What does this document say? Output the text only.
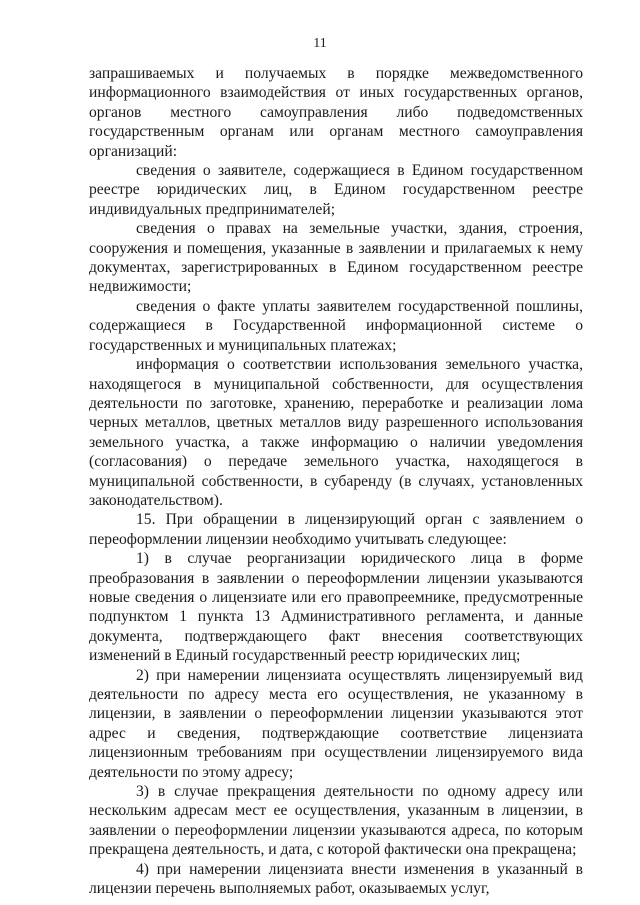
11

запрашиваемых и получаемых в порядке межведомственного информационного взаимодействия от иных государственных органов, органов местного самоуправления либо подведомственных государственным органам или органам местного самоуправления организаций:

сведения о заявителе, содержащиеся в Едином государственном реестре юридических лиц, в Едином государственном реестре индивидуальных предпринимателей;

сведения о правах на земельные участки, здания, строения, сооружения и помещения, указанные в заявлении и прилагаемых к нему документах, зарегистрированных в Едином государственном реестре недвижимости;

сведения о факте уплаты заявителем государственной пошлины, содержащиеся в Государственной информационной системе о государственных и муниципальных платежах;

информация о соответствии использования земельного участка, находящегося в муниципальной собственности, для осуществления деятельности по заготовке, хранению, переработке и реализации лома черных металлов, цветных металлов виду разрешенного использования земельного участка, а также информацию о наличии уведомления (согласования) о передаче земельного участка, находящегося в муниципальной собственности, в субаренду (в случаях, установленных законодательством).

15. При обращении в лицензирующий орган с заявлением о переоформлении лицензии необходимо учитывать следующее:

1) в случае реорганизации юридического лица в форме преобразования в заявлении о переоформлении лицензии указываются новые сведения о лицензиате или его правопреемнике, предусмотренные подпунктом 1 пункта 13 Административного регламента, и данные документа, подтверждающего факт внесения соответствующих изменений в Единый государственный реестр юридических лиц;

2) при намерении лицензиата осуществлять лицензируемый вид деятельности по адресу места его осуществления, не указанному в лицензии, в заявлении о переоформлении лицензии указываются этот адрес и сведения, подтверждающие соответствие лицензиата лицензионным требованиям при осуществлении лицензируемого вида деятельности по этому адресу;

3) в случае прекращения деятельности по одному адресу или нескольким адресам мест ее осуществления, указанным в лицензии, в заявлении о переоформлении лицензии указываются адреса, по которым прекращена деятельность, и дата, с которой фактически она прекращена;

4) при намерении лицензиата внести изменения в указанный в лицензии перечень выполняемых работ, оказываемых услуг,
